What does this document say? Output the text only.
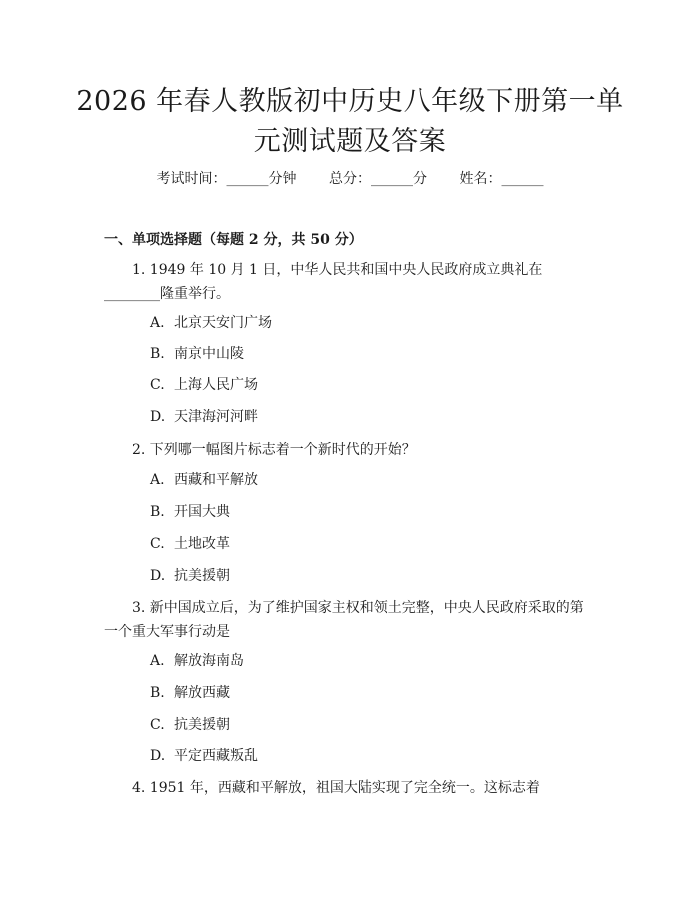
2026 年春人教版初中历史八年级下册第一单
元测试题及答案
考试时间：______分钟 总分：______分 姓名：______
一、单项选择题（每题 2 分，共 50 分）

1. 1949 年 10 月 1 日，中华人民共和国中央人民政府成立典礼在________隆重举行。

A. 北京天安门广场

B. 南京中山陵

C. 上海人民广场

D. 天津海河河畔

2. 下列哪一幅图片标志着一个新时代的开始？

A. 西藏和平解放

B. 开国大典

C. 土地改革

D. 抗美援朝

3. 新中国成立后，为了维护国家主权和领土完整，中央人民政府采取的第一个重大军事行动是

A. 解放海南岛

B. 解放西藏

C. 抗美援朝

D. 平定西藏叛乱

4. 1951 年，西藏和平解放，祖国大陆实现了完全统一。这标志着
